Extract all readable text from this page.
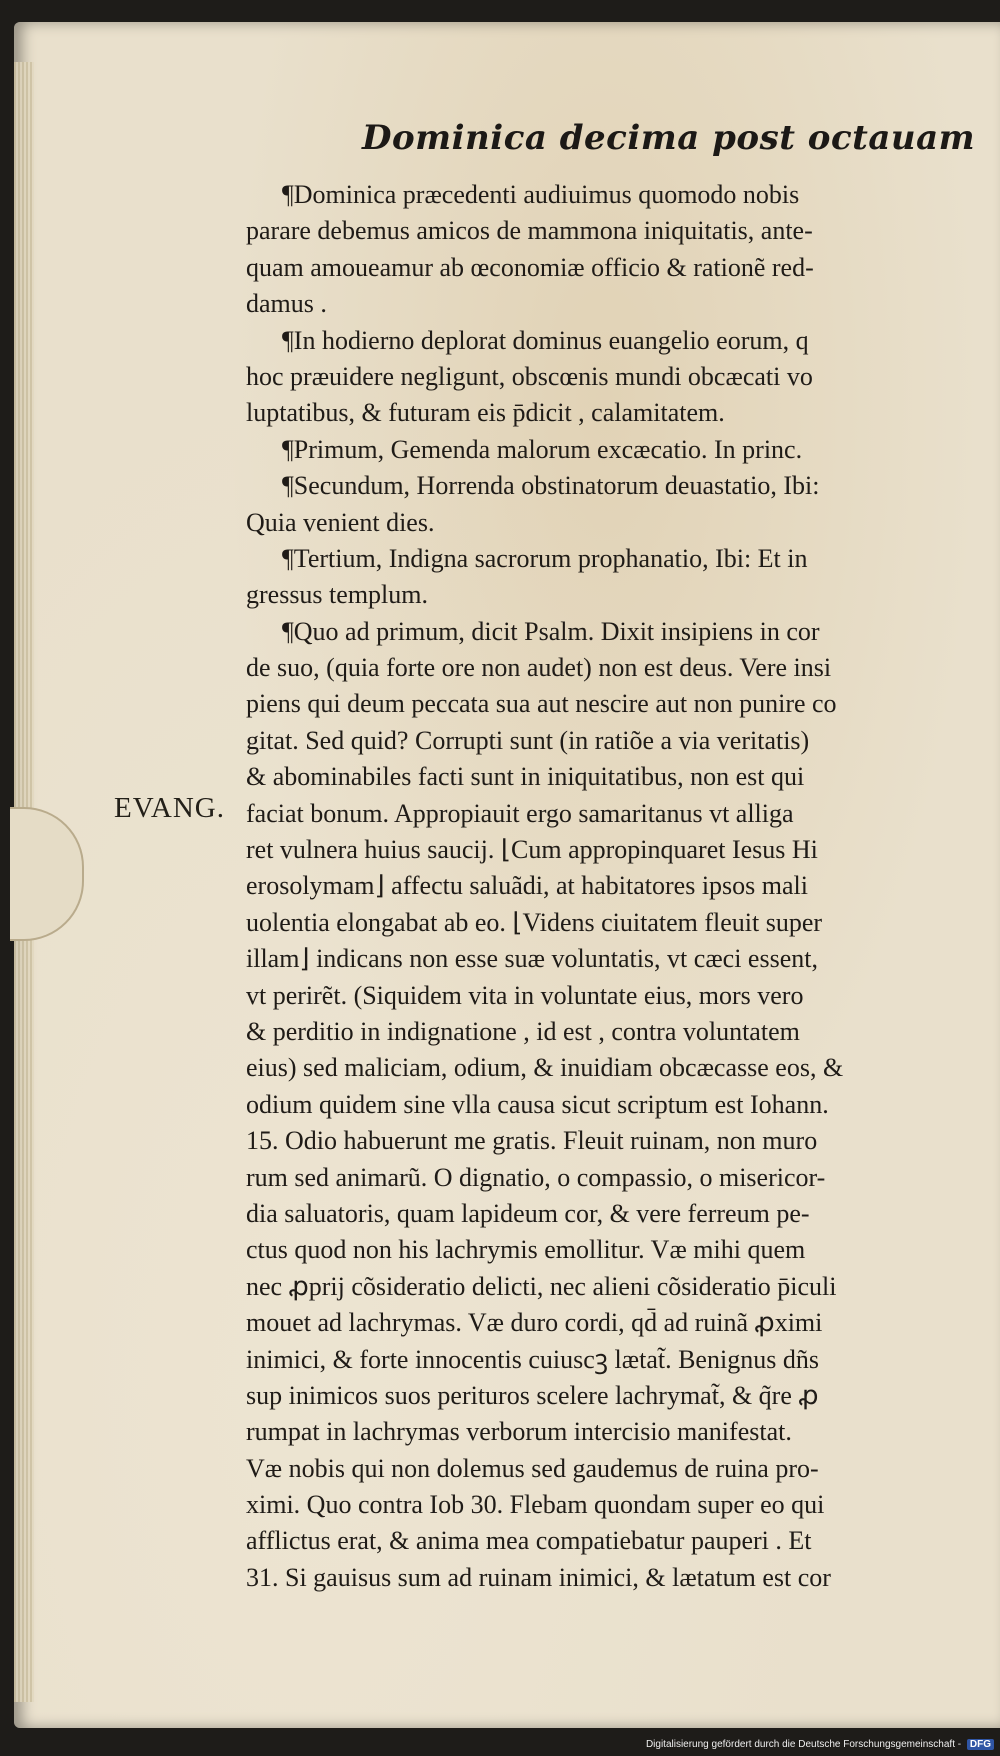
Dominica decima post octauam
EVANG.
¶Dominica præcedenti audiuimus quomodo nobis
parare debemus amicos de mammona iniquitatis, ante-
quam amoueamur ab œconomiæ officio & rationẽ red-
damus .
¶In hodierno deplorat dominus euangelio eorum, q
hoc præuidere negligunt, obscœnis mundi obcæcati vo
luptatibus, & futuram eis p̄dicit , calamitatem.
¶Primum, Gemenda malorum excæcatio. In princ.
¶Secundum, Horrenda obstinatorum deuastatio, Ibi:
Quia venient dies.
¶Tertium, Indigna sacrorum prophanatio, Ibi: Et in
gressus templum.
¶Quo ad primum, dicit Psalm. Dixit insipiens in cor
de suo, (quia forte ore non audet) non est deus. Vere insi
piens qui deum peccata sua aut nescire aut non punire co
gitat. Sed quid? Corrupti sunt (in ratiõe a via veritatis)
& abominabiles facti sunt in iniquitatibus, non est qui
faciat bonum. Appropiauit ergo samaritanus vt alliga
ret vulnera huius saucij. ⌊Cum appropinquaret Iesus Hi
erosolymam⌋ affectu saluãdi, at habitatores ipsos mali
uolentia elongabat ab eo. ⌊Videns ciuitatem fleuit super
illam⌋ indicans non esse suæ voluntatis, vt cæci essent,
vt perirẽt. (Siquidem vita in voluntate eius, mors vero
& perditio in indignatione , id est , contra voluntatem
eius) sed maliciam, odium, & inuidiam obcæcasse eos, &
odium quidem sine vlla causa sicut scriptum est Iohann.
15. Odio habuerunt me gratis. Fleuit ruinam, non muro
rum sed animarũ. O dignatio, o compassio, o misericor-
dia saluatoris, quam lapideum cor, & vere ferreum pe-
ctus quod non his lachrymis emollitur. Væ mihi quem
nec ꝓprij cõsideratio delicti, nec alieni cõsideratio p̄iculi
mouet ad lachrymas. Væ duro cordi, qd̄ ad ruinã ꝓximi
inimici, & forte innocentis cuiuscꝫ lætat̃. Benignus dñs
sup inimicos suos perituros scelere lachrymat̃, & q̃re ꝓ
rumpat in lachrymas verborum intercisio manifestat.
Væ nobis qui non dolemus sed gaudemus de ruina pro-
ximi. Quo contra Iob 30. Flebam quondam super eo qui
afflictus erat, & anima mea compatiebatur pauperi . Et
31. Si gauisus sum ad ruinam inimici, & lætatum est cor
Digitalisierung gefördert durch die Deutsche Forschungsgemeinschaft - DFG
